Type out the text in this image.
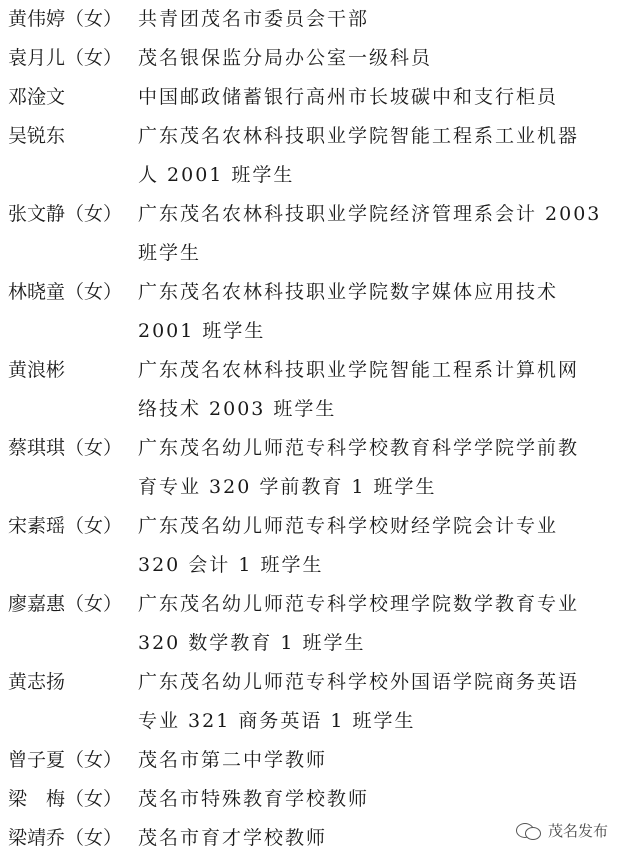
黄伟婷（女） 共青团茂名市委员会干部
袁月儿（女） 茂名银保监分局办公室一级科员
邓淦文	中国邮政储蓄银行高州市长坡碳中和支行柜员
吴锐东	广东茂名农林科技职业学院智能工程系工业机器
人 2001 班学生
张文静（女） 广东茂名农林科技职业学院经济管理系会计 2003
班学生
林晓童（女） 广东茂名农林科技职业学院数字媒体应用技术
2001 班学生
黄浪彬	广东茂名农林科技职业学院智能工程系计算机网
络技术 2003 班学生
蔡琪琪（女） 广东茂名幼儿师范专科学校教育科学学院学前教
育专业 320 学前教育 1 班学生
宋素瑶（女） 广东茂名幼儿师范专科学校财经学院会计专业
320 会计 1 班学生
廖嘉惠（女） 广东茂名幼儿师范专科学校理学院数学教育专业
320 数学教育 1 班学生
黄志扬	广东茂名幼儿师范专科学校外国语学院商务英语
专业 321 商务英语 1 班学生
曾子夏（女） 茂名市第二中学教师
梁　梅（女） 茂名市特殊教育学校教师
梁靖乔（女） 茂名市育才学校教师	茂名发布
